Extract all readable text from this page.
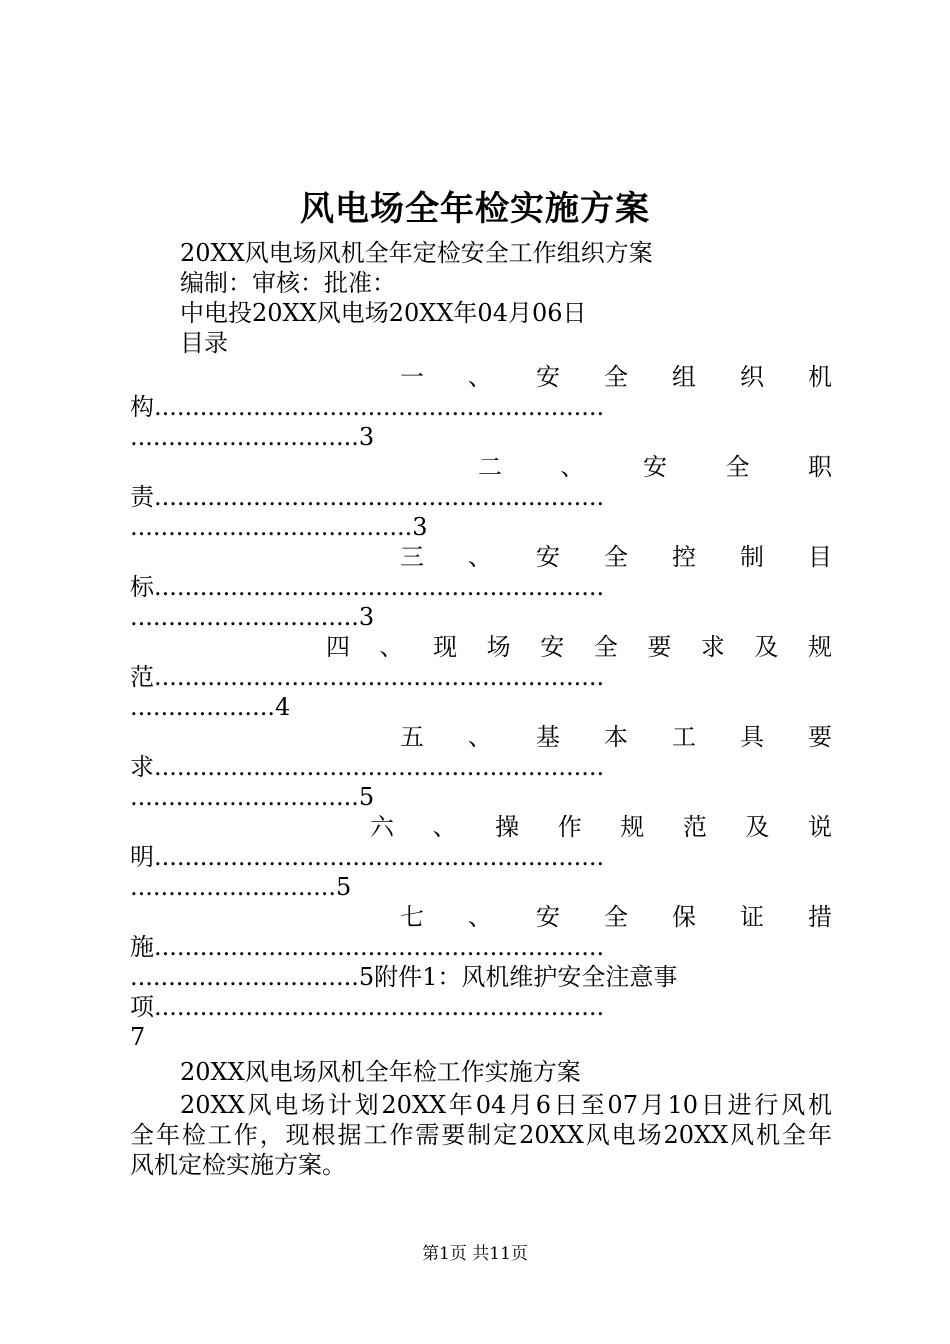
风电场全年检实施方案
20XX风电场风机全年定检安全工作组织方案
编制：审核：批准：
中电投20XX风电场20XX年04月06日
目录
一、安全组织机
构...........................................................
..............................3
二、安全职
责...........................................................
.....................................3
三、安全控制目
标...........................................................
..............................3
四、现场安全要求及规
范...........................................................
...................4
五、基本工具要
求...........................................................
..............................5
六、操作规范及说
明...........................................................
...........................5
七、安全保证措
施...........................................................
..............................5附件1：风机维护安全注意事
项...........................................................
7
20XX风电场风机全年检工作实施方案
20XX风电场计划20XX年04月6日至07月10日进行风机
全年检工作，现根据工作需要制定20XX风电场20XX风机全年
风机定检实施方案。
第1页 共11页
